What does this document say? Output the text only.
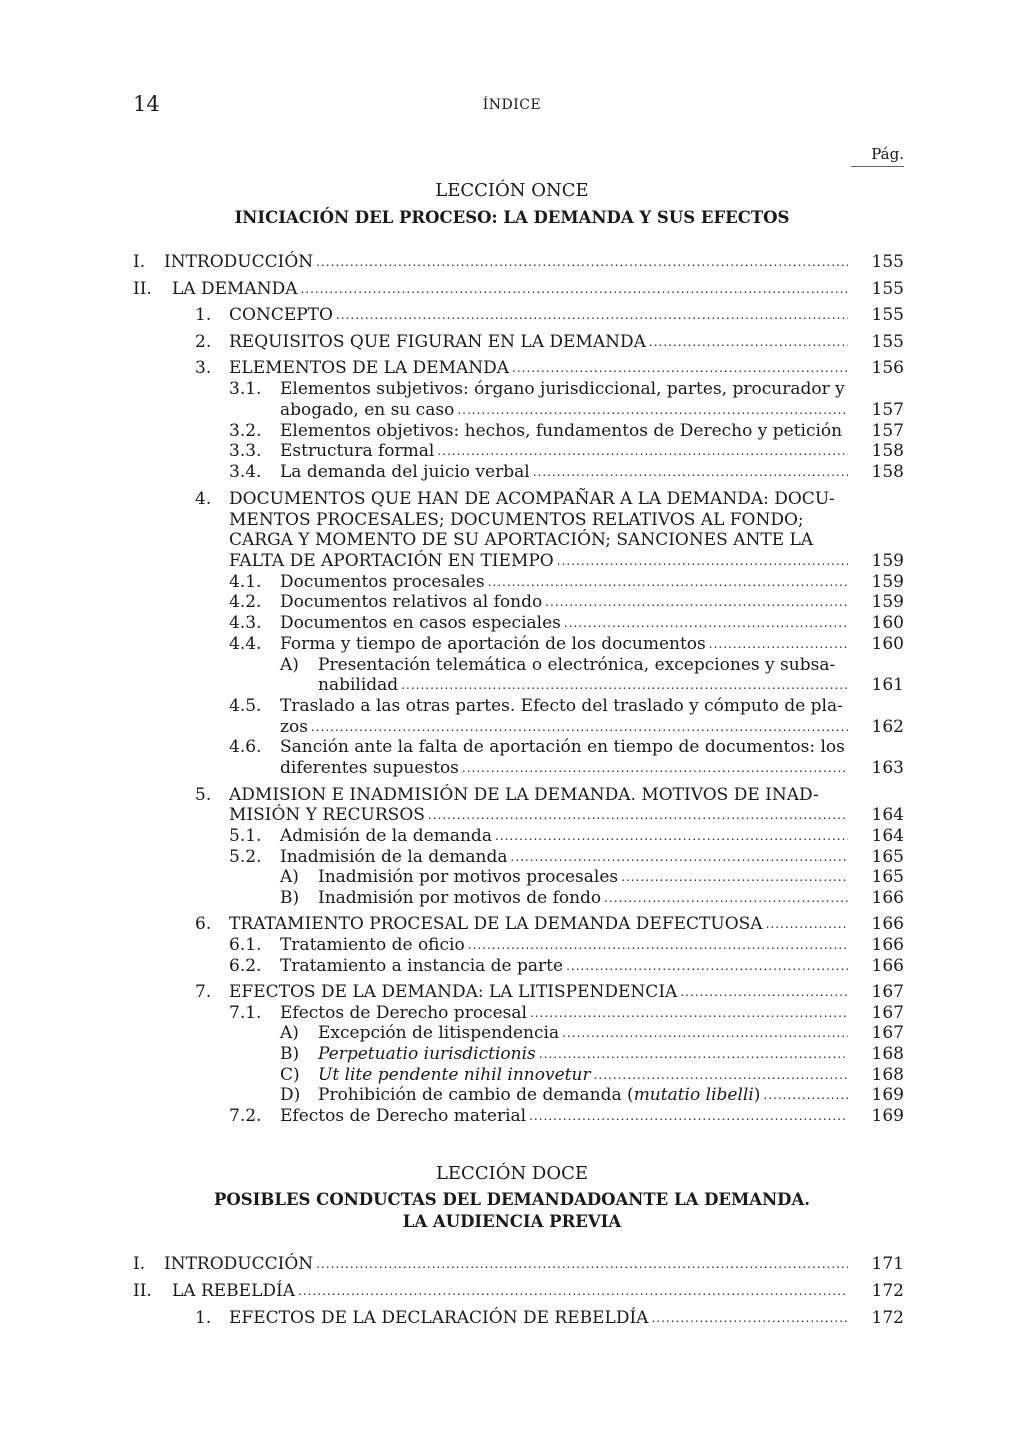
14	ÍNDICE
Pág.
LECCIÓN ONCE
INICIACIÓN DEL PROCESO: LA DEMANDA Y SUS EFECTOS
I. INTRODUCCIÓN .....	155
II. LA DEMANDA .....	155
1. CONCEPTO .....	155
2. REQUISITOS QUE FIGURAN EN LA DEMANDA .....	155
3. ELEMENTOS DE LA DEMANDA .....	156
3.1. Elementos subjetivos: órgano jurisdiccional, partes, procurador y
abogado, en su caso .....	157
3.2. Elementos objetivos: hechos, fundamentos de Derecho y petición	157
3.3. Estructura formal .....	158
3.4. La demanda del juicio verbal .....	158
4. DOCUMENTOS QUE HAN DE ACOMPAÑAR A LA DEMANDA: DOCU-
MENTOS PROCESALES; DOCUMENTOS RELATIVOS AL FONDO;
CARGA Y MOMENTO DE SU APORTACIÓN; SANCIONES ANTE LA
FALTA DE APORTACIÓN EN TIEMPO .....	159
4.1. Documentos procesales .....	159
4.2. Documentos relativos al fondo .....	159
4.3. Documentos en casos especiales .....	160
4.4. Forma y tiempo de aportación de los documentos .....	160
A) Presentación telemática o electrónica, excepciones y subsa-
nabilidad .....	161
4.5. Traslado a las otras partes. Efecto del traslado y cómputo de pla-
zos .....	162
4.6. Sanción ante la falta de aportación en tiempo de documentos: los
diferentes supuestos .....	163
5. ADMISION E INADMISIÓN DE LA DEMANDA. MOTIVOS DE INAD-
MISIÓN Y RECURSOS .....	164
5.1. Admisión de la demanda .....	164
5.2. Inadmisión de la demanda .....	165
A) Inadmisión por motivos procesales .....	165
B) Inadmisión por motivos de fondo .....	166
6. TRATAMIENTO PROCESAL DE LA DEMANDA DEFECTUOSA .....	166
6.1. Tratamiento de oficio .....	166
6.2. Tratamiento a instancia de parte .....	166
7. EFECTOS DE LA DEMANDA: LA LITISPENDENCIA .....	167
7.1. Efectos de Derecho procesal .....	167
A) Excepción de litispendencia .....	167
B) Perpetuatio iurisdictionis .....	168
C) Ut lite pendente nihil innovetur .....	168
D) Prohibición de cambio de demanda (mutatio libelli) .....	169
7.2. Efectos de Derecho material .....	169
LECCIÓN DOCE
POSIBLES CONDUCTAS DEL DEMANDADOANTE LA DEMANDA.
LA AUDIENCIA PREVIA
I. INTRODUCCIÓN .....	171
II. LA REBELDÍA .....	172
1. EFECTOS DE LA DECLARACIÓN DE REBELDÍA .....	172
